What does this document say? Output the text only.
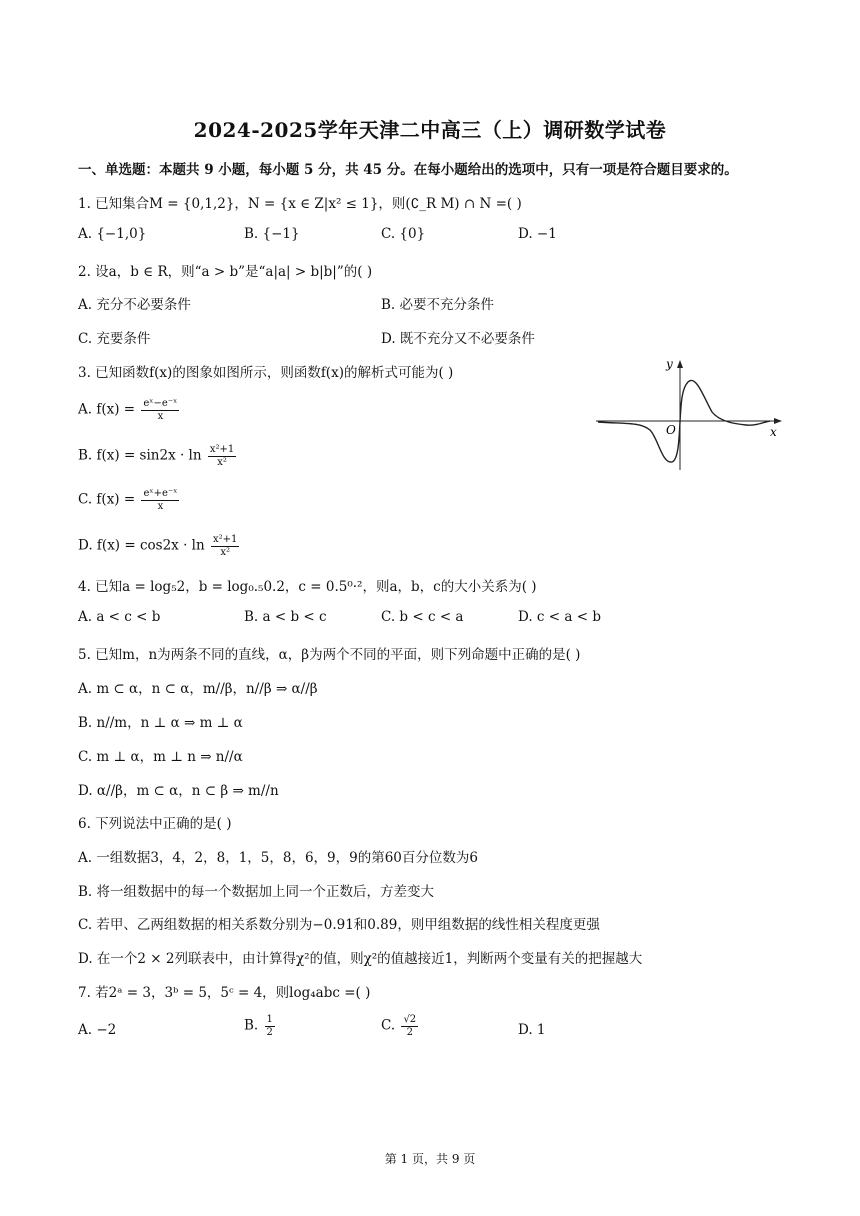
2024-2025学年天津二中高三（上）调研数学试卷
一、单选题：本题共 9 小题，每小题 5 分，共 45 分。在每小题给出的选项中，只有一项是符合题目要求的。
1. 已知集合M = {0,1,2}，N = {x ∈ Z|x² ≤ 1}，则(∁_R M) ∩ N =( )
A. {−1,0}	B. {−1}	C. {0}	D. −1
2. 设a，b ∈ R，则“a > b”是“a|a| > b|b|”的( )
A. 充分不必要条件	B. 必要不充分条件
C. 充要条件	D. 既不充分又不必要条件
3. 已知函数f(x)的图象如图所示，则函数f(x)的解析式可能为( )
A. $f(x) = \frac{\text{eˣ−e⁻ˣ}}{x}$
B. $f(x) = \sin 2x \cdot \ln \frac{\text{x²+1}}{\text{x²}}$
C. $f(x) = \frac{\text{eˣ+e⁻ˣ}}{x}$
D. $f(x) = \cos 2x \cdot \ln \frac{\text{x²+1}}{\text{x²}}$
y
x
O
4. 已知a = log₅2，b = log₀.₅0.2，c = 0.5⁰·²，则a，b，c的大小关系为( )
A. a < c < b	B. a < b < c	C. b < c < a	D. c < a < b
5. 已知m，n为两条不同的直线，α，β为两个不同的平面，则下列命题中正确的是( )
A. m ⊂ α，n ⊂ α，m//β，n//β ⇒ α//β
B. n//m，n ⊥ α ⇒ m ⊥ α
C. m ⊥ α，m ⊥ n ⇒ n//α
D. α//β，m ⊂ α，n ⊂ β ⇒ m//n
6. 下列说法中正确的是( )
A. 一组数据3，4，2，8，1，5，8，6，9，9的第60百分位数为6
B. 将一组数据中的每一个数据加上同一个正数后，方差变大
C. 若甲、乙两组数据的相关系数分别为−0.91和0.89，则甲组数据的线性相关程度更强
D. 在一个2 × 2列联表中，由计算得χ²的值，则χ²的值越接近1，判断两个变量有关的把握越大
7. 若2ᵃ = 3，3ᵇ = 5，5ᶜ = 4，则log₄abc =( )
A. −2	B. $\frac{1}{2}$	C. $\frac{√2}{2}$	D. 1
第 1 页，共 9 页
